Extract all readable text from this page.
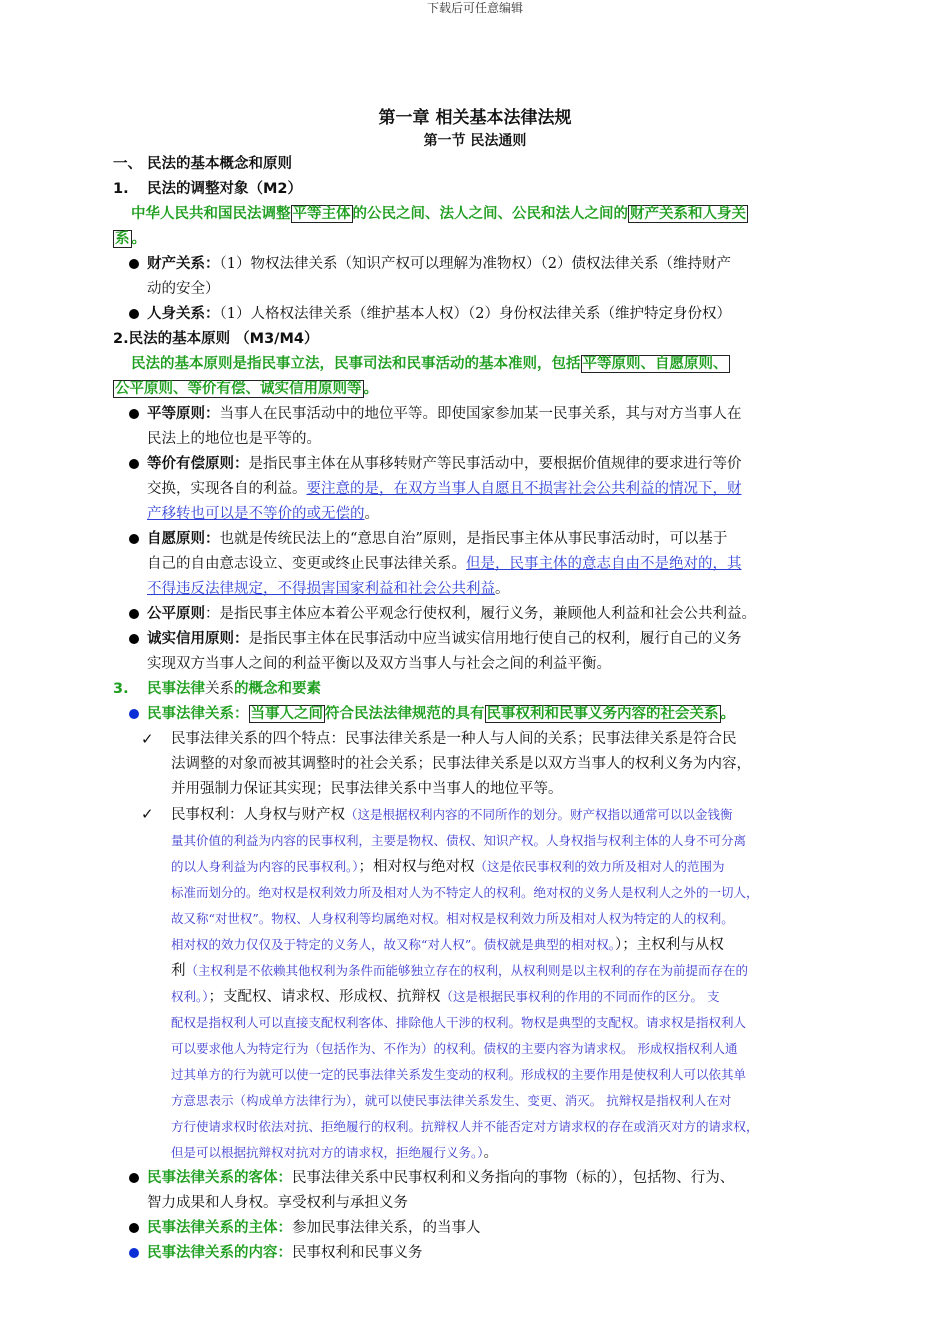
下载后可任意编辑
第一章 相关基本法律法规
第一节 民法通则

一、 民法的基本概念和原则

1. 民法的调整对象（M2）

中华人民共和国民法调整 平等主体 的公民之间、法人之间、公民和法人之间的 财产关系和人身关

系 。

财产关系：（1）物权法律关系（知识产权可以理解为准物权）（2）债权法律关系（维持财产
动的安全）
人身关系：（1）人格权法律关系（维护基本人权）（2）身份权法律关系（维护特定身份权）

2.民法的基本原则 （M3/M4）

民法的基本原则是指民事立法，民事司法和民事活动的基本准则，包括 平等原则、自愿原则、

公平原则、等价有偿、诚实信用原则等 。

平等原则：当事人在民事活动中的地位平等。即使国家参加某一民事关系，其与对方当事人在
民法上的地位也是平等的。
等价有偿原则：是指民事主体在从事移转财产等民事活动中，要根据价值规律的要求进行等价
交换，实现各自的利益。要注意的是，在双方当事人自愿且不损害社会公共利益的情况下，财
产移转也可以是不等价的或无偿的。
自愿原则：也就是传统民法上的“意思自治”原则，是指民事主体从事民事活动时，可以基于
自己的自由意志设立、变更或终止民事法律关系。但是，民事主体的意志自由不是绝对的，其
不得违反法律规定，不得损害国家利益和社会公共利益。
公平原则：是指民事主体应本着公平观念行使权利，履行义务，兼顾他人利益和社会公共利益。
诚实信用原则：是指民事主体在民事活动中应当诚实信用地行使自己的权利，履行自己的义务
实现双方当事人之间的利益平衡以及双方当事人与社会之间的利益平衡。

3. 民事法律关系的概念和要素

民事法律关系： 当事人之间 符合民法法律规范的具有 民事权利和民事义务内容的社会关系 。
✓ 民事法律关系的四个特点：民事法律关系是一种人与人间的关系；民事法律关系是符合民
法调整的对象而被其调整时的社会关系；民事法律关系是以双方当事人的权利义务为内容，
并用强制力保证其实现；民事法律关系中当事人的地位平等。
✓ 民事权利：人身权与财产权（这是根据权利内容的不同所作的划分。财产权指以通常可以以金钱衡
量其价值的利益为内容的民事权利，主要是物权、债权、知识产权。人身权指与权利主体的人身不可分离
的以人身利益为内容的民事权利。）；相对权与绝对权（这是依民事权利的效力所及相对人的范围为
标准而划分的。绝对权是权利效力所及相对人为不特定人的权利。绝对权的义务人是权利人之外的一切人，
故又称“对世权”。物权、人身权利等均属绝对权。相对权是权利效力所及相对人权为特定的人的权利。
相对权的效力仅仅及于特定的义务人，故又称“对人权”。债权就是典型的相对权。）；主权利与从权
利（主权利是不依赖其他权利为条件而能够独立存在的权利，从权利则是以主权利的存在为前提而存在的
权利。）；支配权、请求权、形成权、抗辩权（这是根据民事权利的作用的不同而作的区分。 支
配权是指权利人可以直接支配权利客体、排除他人干涉的权利。物权是典型的支配权。请求权是指权利人
可以要求他人为特定行为（包括作为、不作为）的权利。债权的主要内容为请求权。 形成权指权利人通
过其单方的行为就可以使一定的民事法律关系发生变动的权利。形成权的主要作用是使权利人可以依其单
方意思表示（构成单方法律行为），就可以使民事法律关系发生、变更、消灭。 抗辩权是指权利人在对
方行使请求权时依法对抗、拒绝履行的权利。抗辩权人并不能否定对方请求权的存在或消灭对方的请求权，
但是可以根据抗辩权对抗对方的请求权，拒绝履行义务。）。
民事法律关系的客体：民事法律关系中民事权利和义务指向的事物（标的），包括物、行为、
智力成果和人身权。享受权利与承担义务
民事法律关系的主体：参加民事法律关系，的当事人
民事法律关系的内容：民事权利和民事义务
